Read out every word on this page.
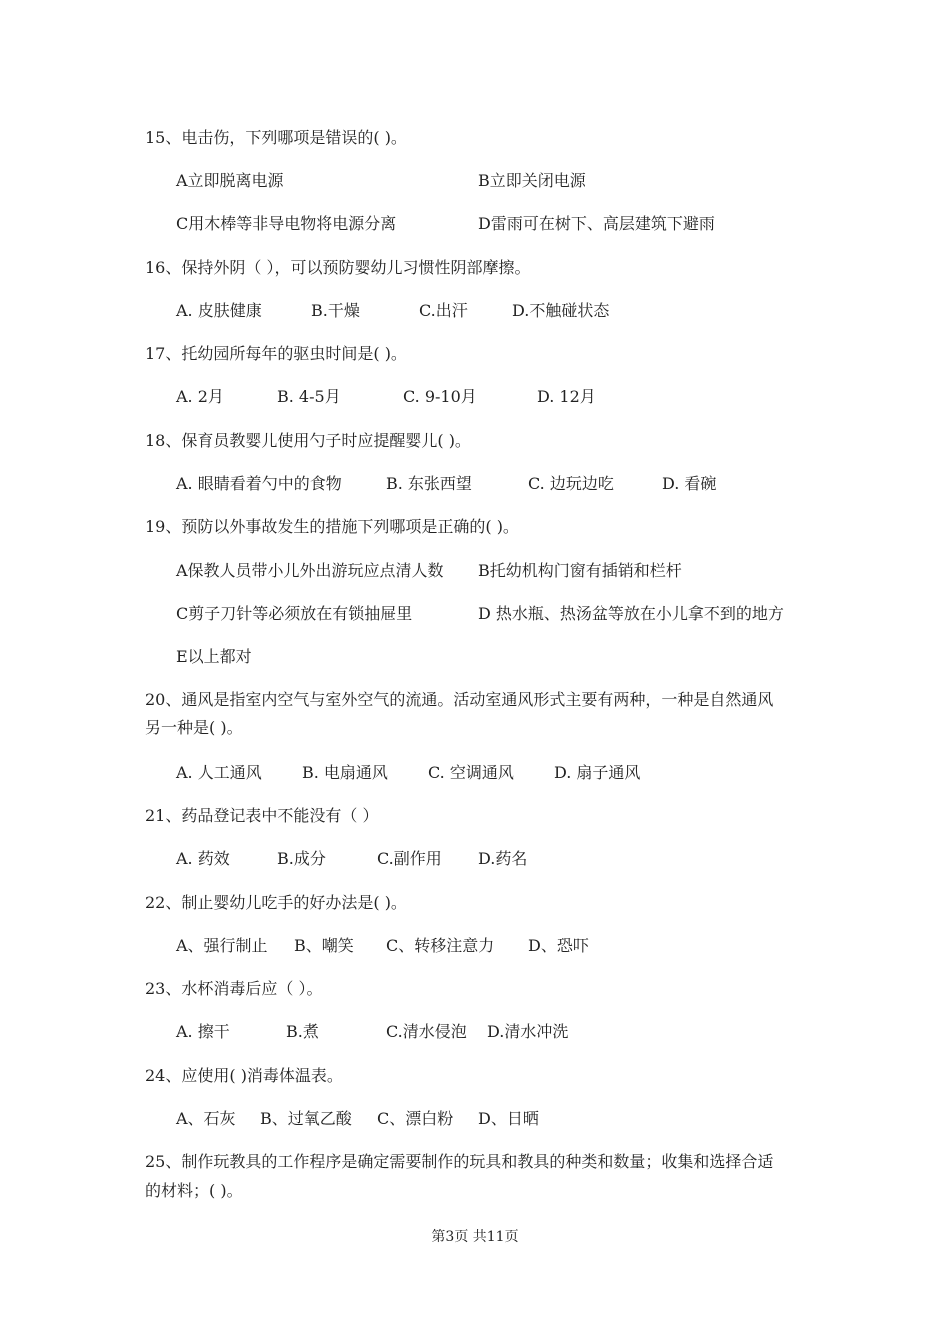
15、电击伤，下列哪项是错误的( )。
A立即脱离电源	B立即关闭电源
C用木棒等非导电物将电源分离	D雷雨可在树下、高层建筑下避雨
16、保持外阴（ ），可以预防婴幼儿习惯性阴部摩擦。
A. 皮肤健康	B.干燥	C.出汗	D.不触碰状态
17、托幼园所每年的驱虫时间是( )。
A. 2月	B. 4-5月	C. 9-10月	D. 12月
18、保育员教婴儿使用勺子时应提醒婴儿( )。
A. 眼睛看着勺中的食物	B. 东张西望	C. 边玩边吃	D. 看碗
19、预防以外事故发生的措施下列哪项是正确的( )。
A保教人员带小儿外出游玩应点清人数 B托幼机构门窗有插销和栏杆
C剪子刀针等必须放在有锁抽屉里	D 热水瓶、热汤盆等放在小儿拿不到的地方
E以上都对
20、通风是指室内空气与室外空气的流通。活动室通风形式主要有两种，一种是自然通风
另一种是( )。
A. 人工通风	B. 电扇通风	C. 空调通风	D. 扇子通风
21、药品登记表中不能没有（ ）
A. 药效	B.成分	C.副作用 D.药名
22、制止婴幼儿吃手的好办法是( )。
A、强行制止 B、嘲笑 C、转移注意力 D、恐吓
23、水杯消毒后应（ ）。
A. 擦干	B.煮	C.清水侵泡 D.清水冲洗
24、应使用( )消毒体温表。
A、石灰 B、过氧乙酸 C、漂白粉 D、日晒
25、制作玩教具的工作程序是确定需要制作的玩具和教具的种类和数量；收集和选择合适
的材料；( )。
第3页 共11页
